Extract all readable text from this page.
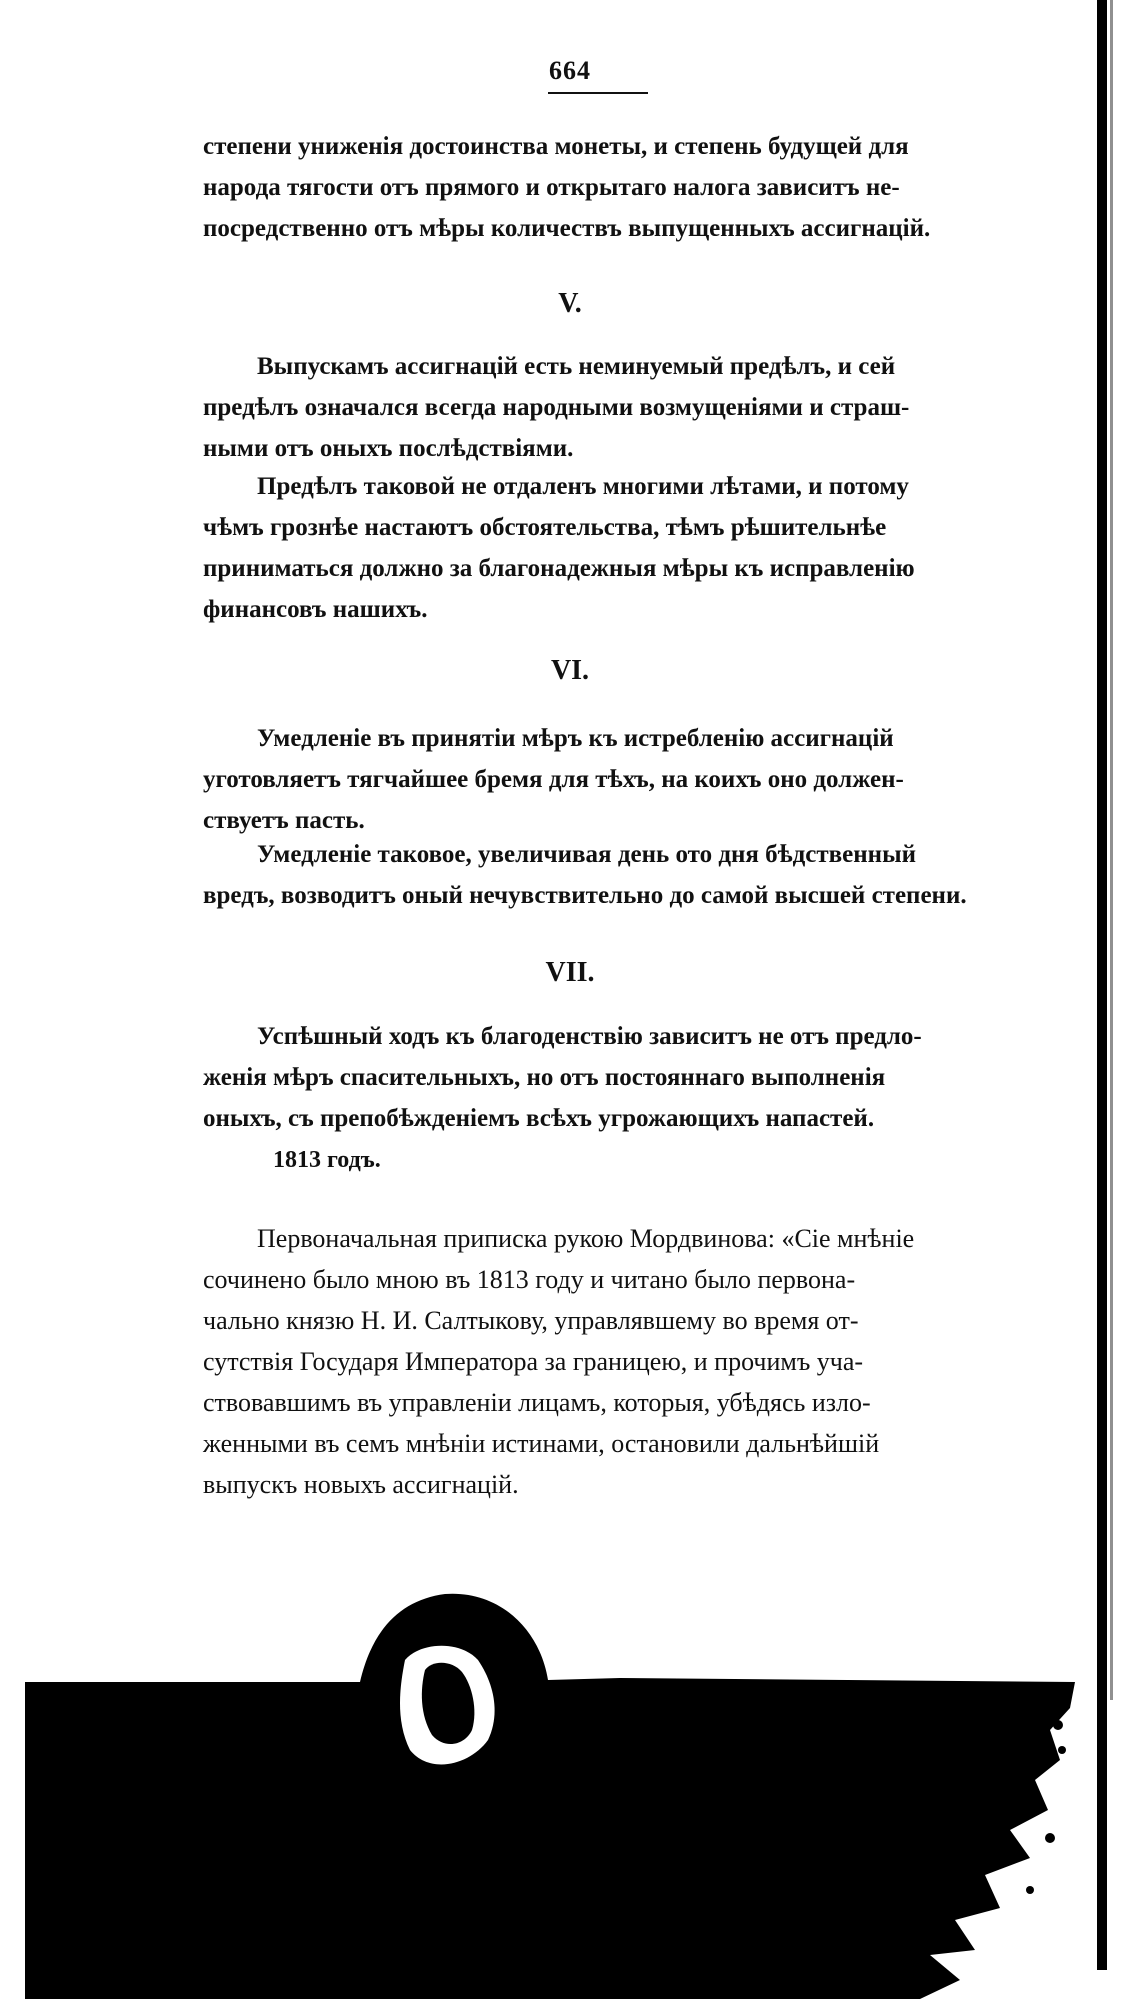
664
степени униженія достоинства монеты, и степень будущей для
народа тягости отъ прямого и открытаго налога зависитъ не-
посредственно отъ мѣры количествъ выпущенныхъ ассигнацій.
V.
Выпускамъ ассигнацій есть неминуемый предѣлъ, и сей
предѣлъ означался всегда народными возмущеніями и страш-
ными отъ оныхъ послѣдствіями.
Предѣлъ таковой не отдаленъ многими лѣтами, и потому
чѣмъ грознѣе настаютъ обстоятельства, тѣмъ рѣшительнѣе
приниматься должно за благонадежныя мѣры къ исправленію
финансовъ нашихъ.
VI.
Умедленіе въ принятіи мѣръ къ истребленію ассигнацій
уготовляетъ тягчайшее бремя для тѣхъ, на коихъ оно должен-
ствуетъ пасть.
Умедленіе таковое, увеличивая день ото дня бѣдственный
вредъ, возводитъ оный нечувствительно до самой высшей степени.
VII.
Успѣшный ходъ къ благоденствію зависитъ не отъ предло-
женія мѣръ спасительныхъ, но отъ постояннаго выполненія
оныхъ, съ препобѣжденіемъ всѣхъ угрожающихъ напастей.
1813 годъ.
Первоначальная приписка рукою Мордвинова: «Сіе мнѣніе
сочинено было мною въ 1813 году и читано было первона-
чально князю Н. И. Салтыкову, управлявшему во время от-
сутствія Государя Императора за границею, и прочимъ уча-
ствовавшимъ въ управленіи лицамъ, которыя, убѣдясь изло-
женными въ семъ мнѣніи истинами, остановили дальнѣйшій
выпускъ новыхъ ассигнацій.
